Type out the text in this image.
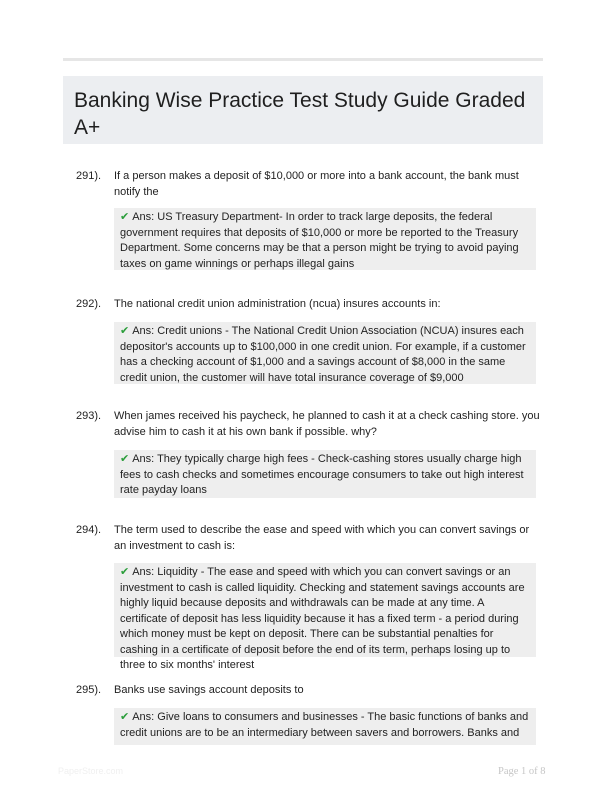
Banking Wise Practice Test Study Guide Graded A+
291). If a person makes a deposit of $10,000 or more into a bank account, the bank must notify the
✔ Ans: US Treasury Department- In order to track large deposits, the federal government requires that deposits of $10,000 or more be reported to the Treasury Department. Some concerns may be that a person might be trying to avoid paying taxes on game winnings or perhaps illegal gains
292). The national credit union administration (ncua) insures accounts in:
✔ Ans: Credit unions - The National Credit Union Association (NCUA) insures each depositor's accounts up to $100,000 in one credit union. For example, if a customer has a checking account of $1,000 and a savings account of $8,000 in the same credit union, the customer will have total insurance coverage of $9,000
293). When james received his paycheck, he planned to cash it at a check cashing store. you advise him to cash it at his own bank if possible. why?
✔ Ans: They typically charge high fees - Check-cashing stores usually charge high fees to cash checks and sometimes encourage consumers to take out high interest rate payday loans
294). The term used to describe the ease and speed with which you can convert savings or an investment to cash is:
✔ Ans: Liquidity - The ease and speed with which you can convert savings or an investment to cash is called liquidity. Checking and statement savings accounts are highly liquid because deposits and withdrawals can be made at any time. A certificate of deposit has less liquidity because it has a fixed term - a period during which money must be kept on deposit. There can be substantial penalties for cashing in a certificate of deposit before the end of its term, perhaps losing up to three to six months' interest
295). Banks use savings account deposits to
✔ Ans: Give loans to consumers and businesses - The basic functions of banks and credit unions are to be an intermediary between savers and borrowers. Banks and
PaperStore.com	Page 1 of 8
